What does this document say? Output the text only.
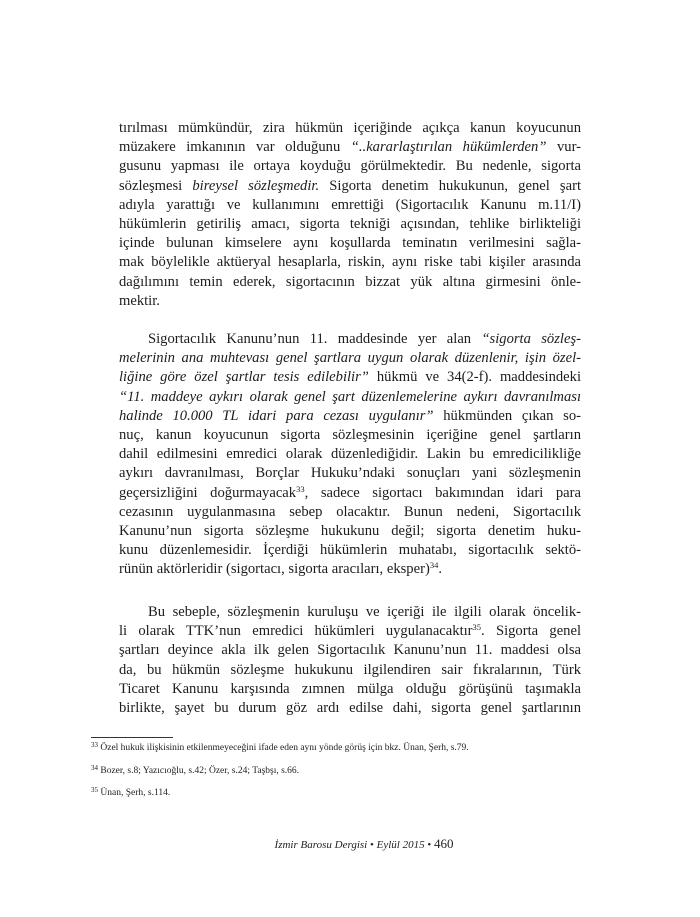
tırılması mümkündür, zira hükmün içeriğinde açıkça kanun koyucunun
müzakere imkanının var olduğunu “..kararlaştırılan hükümlerden” vur-
gusunu yapması ile ortaya koyduğu görülmektedir. Bu nedenle, sigorta
sözleşmesi bireysel sözleşmedir. Sigorta denetim hukukunun, genel şart
adıyla yarattığı ve kullanımını emrettiği (Sigortacılık Kanunu m.11/I)
hükümlerin getiriliş amacı, sigorta tekniği açısından, tehlike birlikteliği
içinde bulunan kimselere aynı koşullarda teminatın verilmesini sağla-
mak böylelikle aktüeryal hesaplarla, riskin, aynı riske tabi kişiler arasında
dağılımını temin ederek, sigortacının bizzat yük altına girmesini önle-
mektir.
Sigortacılık Kanunu’nun 11. maddesinde yer alan “sigorta sözleş-
melerinin ana muhtevası genel şartlara uygun olarak düzenlenir, işin özel-
liğine göre özel şartlar tesis edilebilir” hükmü ve 34(2-f). maddesindeki
“11. maddeye aykırı olarak genel şart düzenlemelerine aykırı davranılması
halinde 10.000 TL idari para cezası uygulanır” hükmünden çıkan so-
nuç, kanun koyucunun sigorta sözleşmesinin içeriğine genel şartların
dahil edilmesini emredici olarak düzenlediğidir. Lakin bu emredicilikliğe
aykırı davranılması, Borçlar Hukuku’ndaki sonuçları yani sözleşmenin
geçersizliğini doğurmayacak$^{33}$, sadece sigortacı bakımından idari para
cezasının uygulanmasına sebep olacaktır. Bunun nedeni, Sigortacılık
Kanunu’nun sigorta sözleşme hukukunu değil; sigorta denetim huku-
kunu düzenlemesidir. İçerdiği hükümlerin muhatabı, sigortacılık sektö-
rünün aktörleridir (sigortacı, sigorta aracıları, eksper)$^{34}$.
Bu sebeple, sözleşmenin kuruluşu ve içeriği ile ilgili olarak öncelik-
li olarak TTK’nun emredici hükümleri uygulanacaktır$^{35}$. Sigorta genel
şartları deyince akla ilk gelen Sigortacılık Kanunu’nun 11. maddesi olsa
da, bu hükmün sözleşme hukukunu ilgilendiren sair fıkralarının, Türk
Ticaret Kanunu karşısında zımnen mülga olduğu görüşünü taşımakla
birlikte, şayet bu durum göz ardı edilse dahi, sigorta genel şartlarının
$^{33}$ Özel hukuk ilişkisinin etkilenmeyeceğini ifade eden aynı yönde görüş için bkz. Ünan, Şerh, s.79.
$^{34}$ Bozer, s.8; Yazıcıoğlu, s.42; Özer, s.24; Taşbşı, s.66.
$^{35}$ Ünan, Şerh, s.114.
İzmir Barosu Dergisi • Eylül 2015 • 460
